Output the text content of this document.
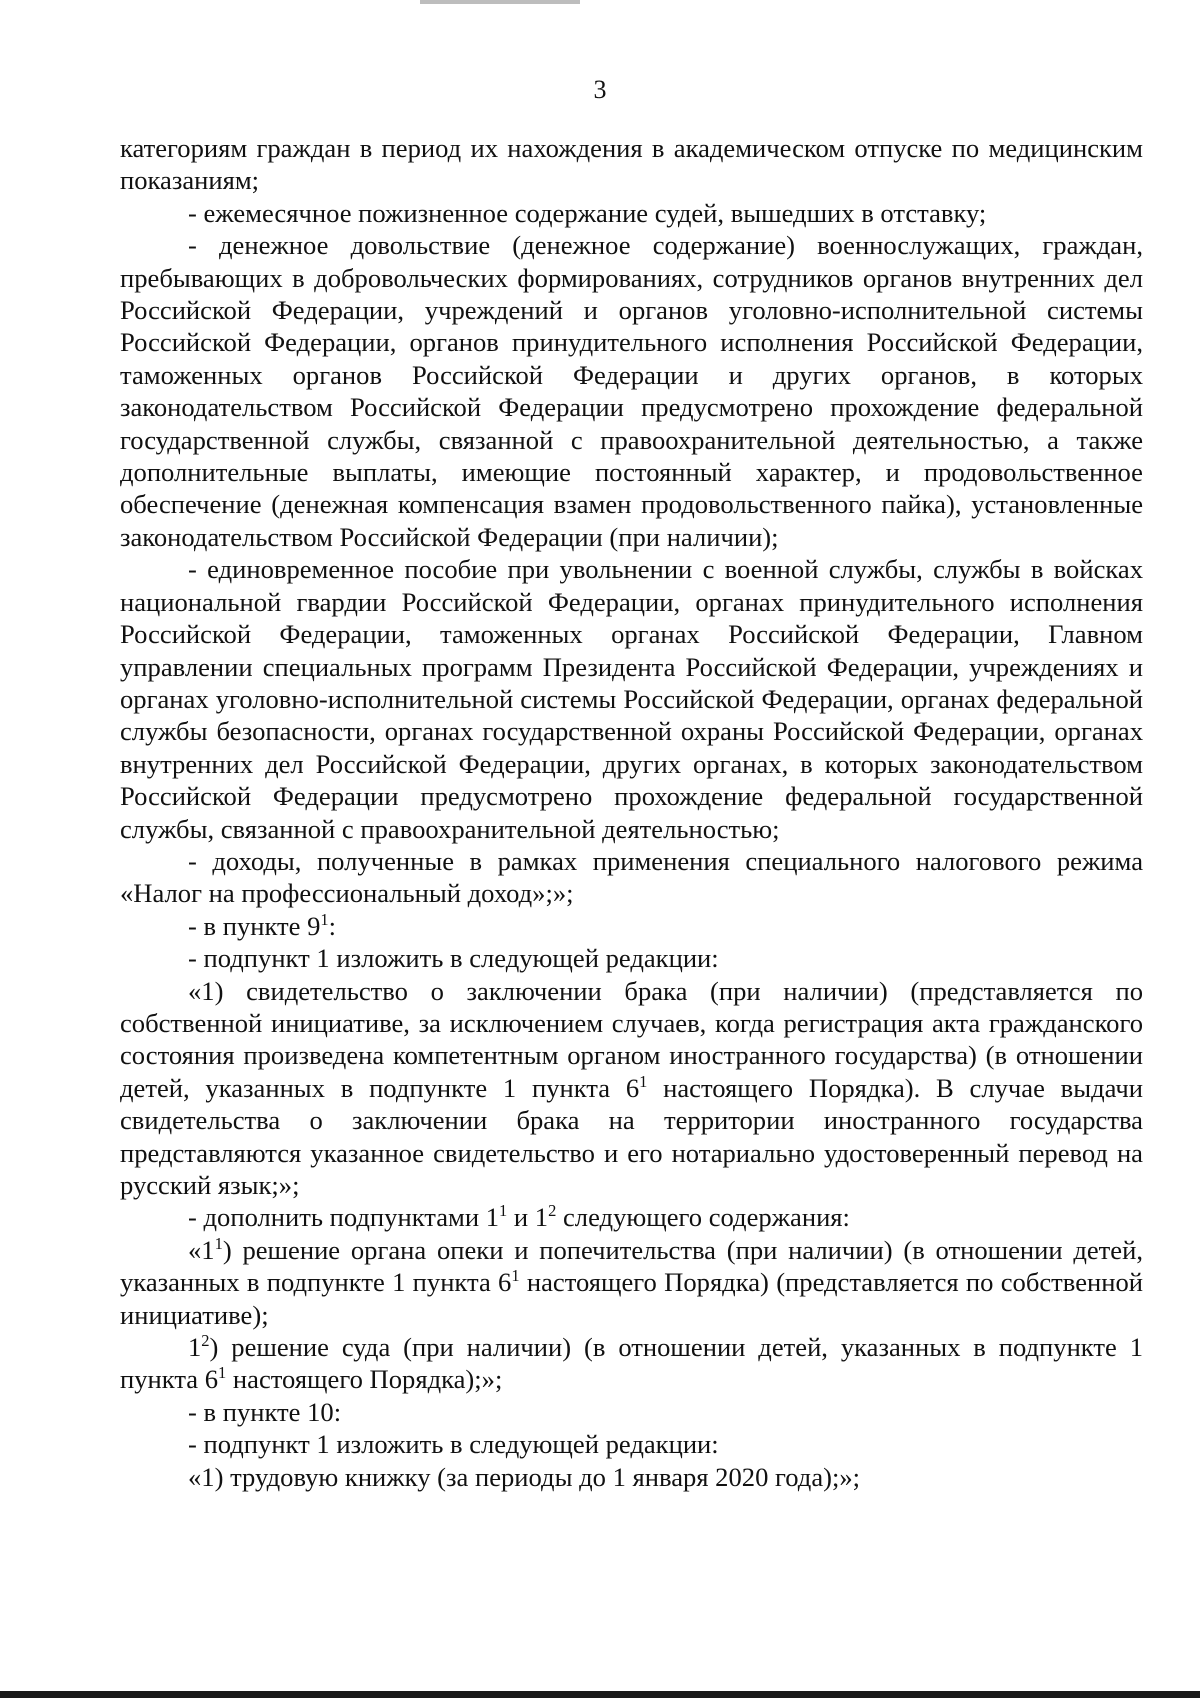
3

категориям граждан в период их нахождения в академическом отпуске по медицинским показаниям;

- ежемесячное пожизненное содержание судей, вышедших в отставку;

- денежное довольствие (денежное содержание) военнослужащих, граждан, пребывающих в добровольческих формированиях, сотрудников органов внутренних дел Российской Федерации, учреждений и органов уголовно-исполнительной системы Российской Федерации, органов принудительного исполнения Российской Федерации, таможенных органов Российской Федерации и других органов, в которых законодательством Российской Федерации предусмотрено прохождение федеральной государственной службы, связанной с правоохранительной деятельностью, а также дополнительные выплаты, имеющие постоянный характер, и продовольственное обеспечение (денежная компенсация взамен продовольственного пайка), установленные законодательством Российской Федерации (при наличии);

- единовременное пособие при увольнении с военной службы, службы в войсках национальной гвардии Российской Федерации, органах принудительного исполнения Российской Федерации, таможенных органах Российской Федерации, Главном управлении специальных программ Президента Российской Федерации, учреждениях и органах уголовно-исполнительной системы Российской Федерации, органах федеральной службы безопасности, органах государственной охраны Российской Федерации, органах внутренних дел Российской Федерации, других органах, в которых законодательством Российской Федерации предусмотрено прохождение федеральной государственной службы, связанной с правоохранительной деятельностью;

- доходы, полученные в рамках применения специального налогового режима «Налог на профессиональный доход»;»;

- в пункте $9^1$:

- подпункт 1 изложить в следующей редакции:

«1) свидетельство о заключении брака (при наличии) (представляется по собственной инициативе, за исключением случаев, когда регистрация акта гражданского состояния произведена компетентным органом иностранного государства) (в отношении детей, указанных в подпункте 1 пункта $6^1$ настоящего Порядка). В случае выдачи свидетельства о заключении брака на территории иностранного государства представляются указанное свидетельство и его нотариально удостоверенный перевод на русский язык;»;

- дополнить подпунктами $1^1$ и $1^2$ следующего содержания:

«$1^1$) решение органа опеки и попечительства (при наличии) (в отношении детей, указанных в подпункте 1 пункта $6^1$ настоящего Порядка) (представляется по собственной инициативе);

$1^2$) решение суда (при наличии) (в отношении детей, указанных в подпункте 1 пункта $6^1$ настоящего Порядка);»;

- в пункте 10:

- подпункт 1 изложить в следующей редакции:

«1) трудовую книжку (за периоды до 1 января 2020 года);»;
